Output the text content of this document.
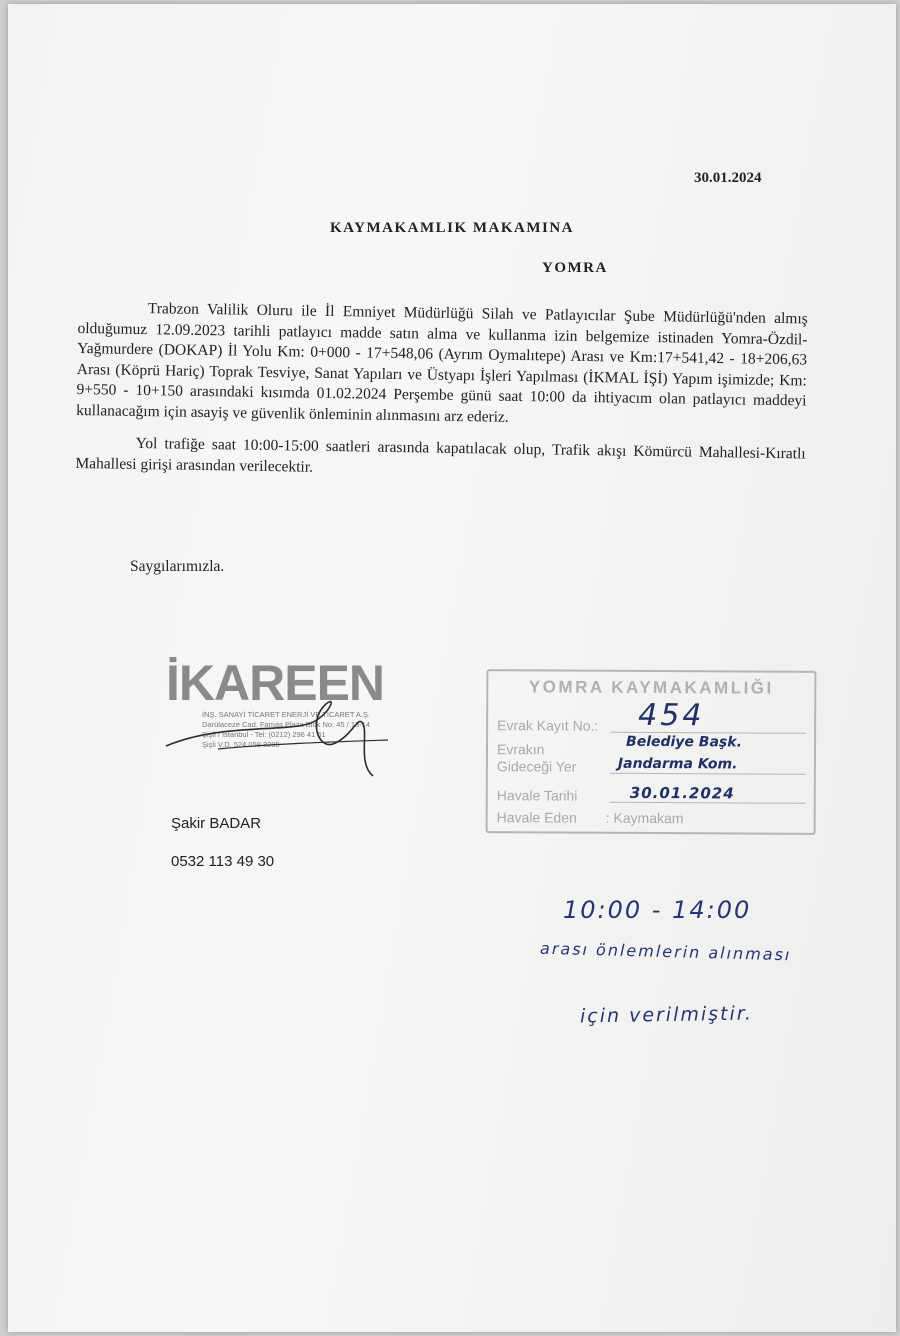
30.01.2024
KAYMAKAMLIK MAKAMINA
YOMRA

Trabzon Valilik Oluru ile İl Emniyet Müdürlüğü Silah ve Patlayıcılar Şube Müdürlüğü'nden almış olduğumuz 12.09.2023 tarihli patlayıcı madde satın alma ve kullanma izin belgemize istinaden Yomra-Özdil-Yağmurdere (DOKAP) İl Yolu Km: 0+000 - 17+548,06 (Ayrım Oymalıtepe) Arası ve Km:17+541,42 - 18+206,63 Arası (Köprü Hariç) Toprak Tesviye, Sanat Yapıları ve Üstyapı İşleri Yapılması (İKMAL İŞİ) Yapım işimizde; Km: 9+550 - 10+150 arasındaki kısımda 01.02.2024 Perşembe günü saat 10:00 da ihtiyacım olan patlayıcı maddeyi kullanacağım için asayiş ve güvenlik önleminin alınmasını arz ederiz.

Yol trafiğe saat 10:00-15:00 saatleri arasında kapatılacak olup, Trafik akışı Kömürcü Mahallesi-Kıratlı Mahallesi girişi arasından verilecektir.

Saygılarımızla.
İKAREEN
İNŞ. SANAYİ TİCARET ENERJİ VE TİCARET A.Ş.
Darülaceze Cad. Famas Plaza Blok No: 45 / 13-14
Şişli / İstanbul - Tel: (0212) 296 41 51
Şişli V.D. 524 058 3205
Şakir BADAR
0532 113 49 30
YOMRA KAYMAKAMLIĞI
Evrak Kayıt No.: 454
Evrakın	Belediye Başk.
Gideceği Yer	Jandarma Kom.
Havale Tarihi	30.01.2024
Havale Eden : Kaymakam
10:00 - 14:00
arası önlemlerin alınması
için verilmiştir.
